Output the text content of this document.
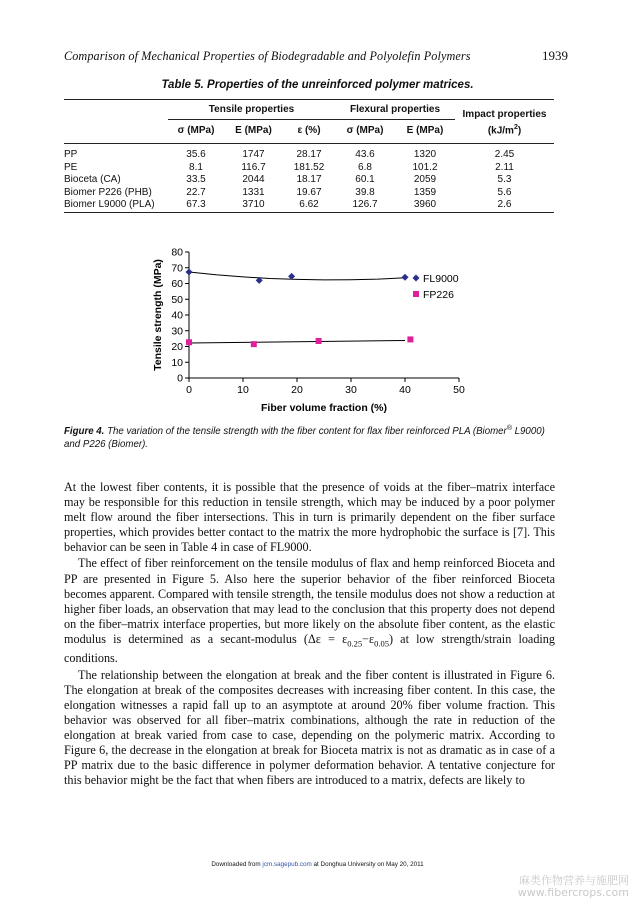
Comparison of Mechanical Properties of Biodegradable and Polyolefin Polymers	1939
Table 5. Properties of the unreinforced polymer matrices.
	Tensile properties			Flexural properties		Impact properties
$(kJ/m^2)$
	σ (MPa)	E (MPa)	ε (%)	σ (MPa)	E (MPa)	

PP	35.6	1747	28.17	43.6	1320	2.45
PE	8.1	116.7	181.52	6.8	101.2	2.11
Bioceta (CA)	33.5	2044	18.17	60.1	2059	5.3
Biomer P226 (PHB)	22.7	1331	19.67	39.8	1359	5.6
Biomer L9000 (PLA)	67.3	3710	6.62	126.7	3960	2.6
0
10
20
30
40
50
60
70
80
0	10	20	30	40	50
Fiber volume fraction (%)
Tensile strength (MPa)	FL9000
FP226
Figure 4. The variation of the tensile strength with the fiber content for flax fiber reinforced PLA (Biomer® L9000) and P226 (Biomer).

At the lowest fiber contents, it is possible that the presence of voids at the fiber–matrix interface may be responsible for this reduction in tensile strength, which may be induced by a poor polymer melt flow around the fiber intersections. This in turn is primarily dependent on the fiber surface properties, which provides better contact to the matrix the more hydrophobic the surface is [7]. This behavior can be seen in Table 4 in case of FL9000.

The effect of fiber reinforcement on the tensile modulus of flax and hemp reinforced Bioceta and PP are presented in Figure 5. Also here the superior behavior of the fiber reinforced Bioceta becomes apparent. Compared with tensile strength, the tensile modulus does not show a reduction at higher fiber loads, an observation that may lead to the conclusion that this property does not depend on the fiber–matrix interface properties, but more likely on the absolute fiber content, as the elastic modulus is determined as a secant-modulus $(\Delta\varepsilon = \varepsilon_{0.25}-\varepsilon_{0.05})$ at low strength/strain loading conditions.

The relationship between the elongation at break and the fiber content is illustrated in Figure 6. The elongation at break of the composites decreases with increasing fiber content. In this case, the elongation witnesses a rapid fall up to an asymptote at around 20% fiber volume fraction. This behavior was observed for all fiber–matrix combinations, although the rate in reduction of the elongation at break varied from case to case, depending on the polymeric matrix. According to Figure 6, the decrease in the elongation at break for Bioceta matrix is not as dramatic as in case of a PP matrix due to the basic difference in polymer deformation behavior. A tentative conjecture for this behavior might be the fact that when fibers are introduced to a matrix, defects are likely to

Downloaded from jcm.sagepub.com at Donghua University on May 20, 2011
麻类作物营养与施肥网
www.fibercrops.com
